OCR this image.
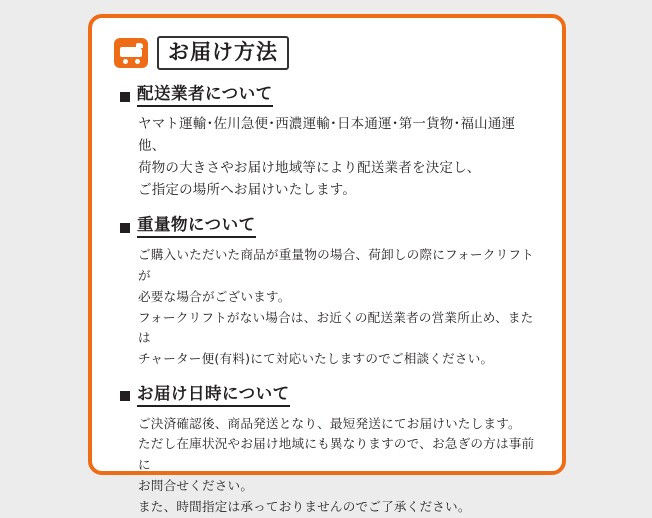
お届け方法
配送業者について

ヤマト運輸･佐川急便･西濃運輸･日本通運･第一貨物･福山通運他、

荷物の大きさやお届け地域等により配送業者を決定し、

ご指定の場所へお届けいたします。

重量物について

ご購入いただいた商品が重量物の場合、荷卸しの際にフォークリフトが

必要な場合がございます。

フォークリフトがない場合は、お近くの配送業者の営業所止め、または

チャーター便(有料)にて対応いたしますのでご相談ください。

お届け日時について

ご決済確認後、商品発送となり、最短発送にてお届けいたします。

ただし在庫状況やお届け地域にも異なりますので、お急ぎの方は事前に

お問合せください。

また、時間指定は承っておりませんのでご了承ください。
